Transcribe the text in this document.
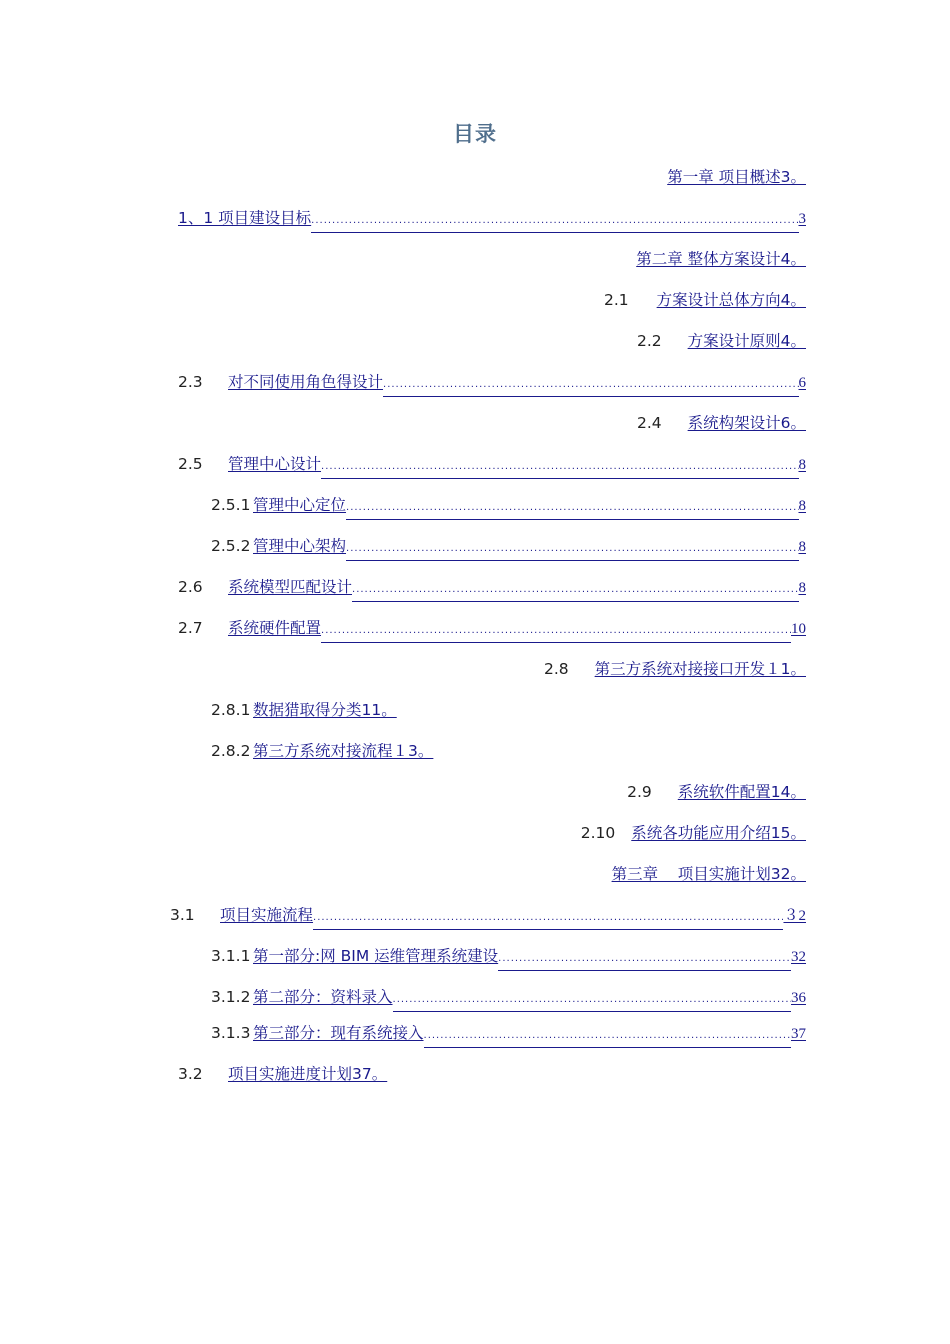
目录
第一章 项目概述3。
1、1 项目建设目标 .....	3
第二章 整体方案设计4。
2.1 方案设计总体方向4。
2.2 方案设计原则4。
2.3	对不同使用角色得设计 .....	6
2.4 系统构架设计6。
2.5	管理中心设计 .....	8
2.5.1 管理中心定位 .....	8
2.5.2 管理中心架构 .....	8
2.6	系统模型匹配设计 .....	8
2.7	系统硬件配置 .....	10
2.8 第三方系统对接接口开发１1。
2.8.1 数据猎取得分类11。
2.8.2 第三方系统对接流程１3。
2.9 系统软件配置14。
2.10 系统各功能应用介绍15。
第三章    项目实施计划32。
3.1	项目实施流程 .....	３2
3.1.1 第一部分:网 BIM 运维管理系统建设 .....	32
3.1.2 第二部分：资料录入 .....	36
3.1.3 第三部分：现有系统接入 .....	37
3.2 项目实施进度计划37。
